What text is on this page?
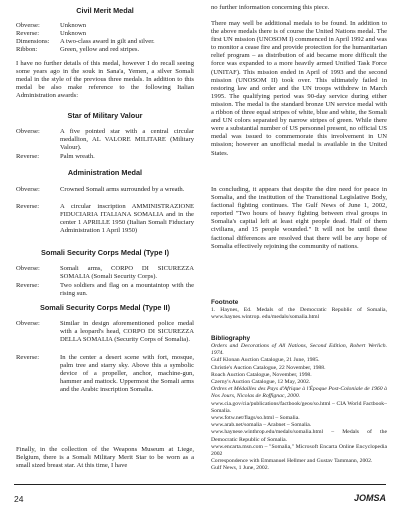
Civil Merit Medal
Obverse:	Unknown
Reverse:	Unknown
Dimensions:	A two-class award in gilt and silver.
Ribbon:	Green, yellow and red stripes.

I have no further details of this medal, however I do recall seeing some years ago in the souk in Sana'a, Yemen, a silver Somali medal in the style of the previous three medals. In addition to this medal be also make reference to the following Italian Administration awards:

Star of Military Valour
Obverse:	A five pointed star with a central circular medallion, AL VALORE MILITARE (Military Valour).
Reverse:	Palm wreath.
Administration Medal
Obverse:	Crowned Somali arms surrounded by a wreath.
Reverse:	A circular inscription AMMINISTRAZIONE FIDUCIARIA ITALIANA SOMALIA and in the center 1 APRILLE 1950 (Italian Somali Fiduciary Administration 1 April 1950)
Somali Security Corps Medal (Type I)
Obverse:	Somali arms, CORPO DI SICUREZZA SOMALIA (Somali Security Corps).
Reverse:	Two soldiers and flag on a mountaintop with the rising sun.
Somali Security Corps Medal (Type II)
Obverse:	Similar in design aforementioned police medal with a leopard's head, CORPO DI SICUREZZA DELLA SOMALIA (Security Corps of Somalia).
Reverse:	In the center a desert scene with fort, mosque, palm tree and starry sky. Above this a symbolic device of a propeller, anchor, machine-gun, hammer and mattock. Uppermost the Somali arms and the Arabic inscription Somalia.

Finally, in the collection of the Weapons Museum at Liege, Belgium, there is a Somali Military Merit Star to be worn as a small sized breast star. At this time, I have

no further information concerning this piece.

There may well be additional medals to be found. In addition to the above medals there is of course the United Nations medal. The first UN mission (UNOSOM I) commenced in April 1992 and was to monitor a cease fire and provide protection for the humanitarian relief program – as distribution of aid became more difficult the force was expanded to a more heavily armed Unified Task Force (UNITAF). This mission ended in April of 1993 and the second mission (UNOSOM II) took over. This ultimately failed in restoring law and order and the UN troops withdrew in March 1995. The qualifying period was 90-day service during either mission. The medal is the standard bronze UN service medal with a ribbon of three equal stripes of white, blue and white, the Somali and UN colors separated by narrow stripes of green. While there were a substantial number of US personnel present, no official US medal was issued to commemorate this involvement in UN mission; however an unofficial medal is available in the United States.

In concluding, it appears that despite the dire need for peace in Somalia, and the institution of the Transitional Legislative Body, factional fighting continues. The Gulf News of June 1, 2002, reported "Two hours of heavy fighting between rival groups in Somalia's capital left at least eight people dead. Half of them civilians, and 15 people wounded." It will not be until these factional differences are resolved that there will be any hope of Somalia effectively rejoining the community of nations.

Footnote

1. Haynes, Ed. Medals of the Democratic Republic of Somalia, www.haynes.wintrop. edu/medals/somalia.html

Bibliography
Orders and Decorations of All Nations, Second Edition, Robert Werlich. 1974.
Gulf Klonan Auction Catalogue, 21 June, 1985.
Christie's Auction Catalogue, 22 November, 1988.
Roach Auction Catalogue, November, 1998.
Czerny's Auction Catalogue, 12 May, 2002.
Ordres et Médailles des Pays d'Afrique à l'Époque Post-Coloniale de 1960 à Nos Jours, Nicolas de Roffignac, 2000.
www.cia.gov/cia/publications/factbook/geos/so.html – CIA World Factbook–Somalia.
www.fotw.net/flags/so.html – Somalia.
www.arab.net/somalia – Arabnet – Somalia.
www.haynese.winthrop.edu/medals/somalia.html – Medals of the Democratic Republic of Somalia.
www.encarta.msn.com – "Somalia," Microsoft Encarta Online Encyclopedia 2002
Correspondence with Emmanuel Hellmer and Gustav Tammann, 2002.
Gulf News, 1 June, 2002.
24	JOMSA
